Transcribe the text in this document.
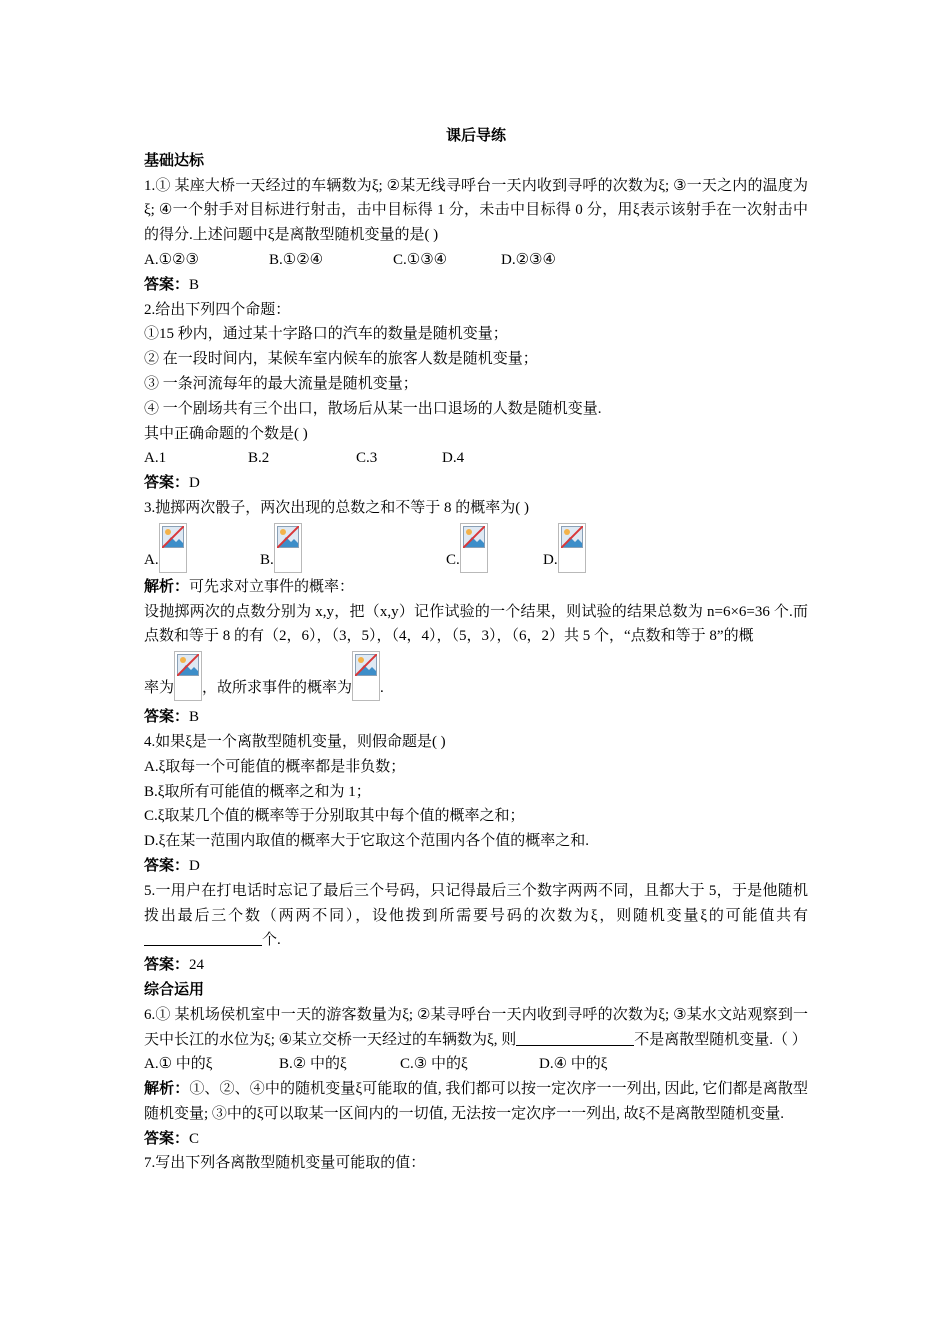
课后导练
基础达标
1.① 某座大桥一天经过的车辆数为ξ; ②某无线寻呼台一天内收到寻呼的次数为ξ; ③一天之内的温度为ξ; ④一个射手对目标进行射击，击中目标得 1 分，未击中目标得 0 分，用ξ表示该射手在一次射击中的得分.上述问题中ξ是离散型随机变量的是( )
A.①②③	B.①②④	C.①③④	D.②③④
答案：B
2.给出下列四个命题：
①15 秒内，通过某十字路口的汽车的数量是随机变量；
② 在一段时间内，某候车室内候车的旅客人数是随机变量；
③ 一条河流每年的最大流量是随机变量；
④ 一个剧场共有三个出口，散场后从某一出口退场的人数是随机变量.
其中正确命题的个数是( )
A.1	B.2	C.3	D.4
答案：D
3.抛掷两次骰子，两次出现的总数之和不等于 8 的概率为( )
A.	B.	C.	D.
解析：可先求对立事件的概率：
设抛掷两次的点数分别为 x,y，把（x,y）记作试验的一个结果，则试验的结果总数为 n=6×6=36 个.而点数和等于 8 的有（2，6），（3，5），（4，4），（5，3），（6，2）共 5 个，“点数和等于 8”的概
率为 ，故所求事件的概率为 .
答案：B
4.如果ξ是一个离散型随机变量，则假命题是( )
A.ξ取每一个可能值的概率都是非负数；
B.ξ取所有可能值的概率之和为 1；
C.ξ取某几个值的概率等于分别取其中每个值的概率之和；
D.ξ在某一范围内取值的概率大于它取这个范围内各个值的概率之和.
答案：D
5.一用户在打电话时忘记了最后三个号码，只记得最后三个数字两两不同，且都大于 5，于是他随机拨出最后三个数（两两不同），设他拨到所需要号码的次数为ξ，则随机变量ξ的可能值共有个.
答案：24
综合运用
6.① 某机场侯机室中一天的游客数量为ξ; ②某寻呼台一天内收到寻呼的次数为ξ; ③某水文站观察到一天中长江的水位为ξ; ④某立交桥一天经过的车辆数为ξ, 则	不是离散型随机变量.（ ）
A.① 中的ξ	B.② 中的ξ	C.③ 中的ξ	D.④ 中的ξ
解析：①、②、④中的随机变量ξ可能取的值, 我们都可以按一定次序一一列出, 因此, 它们都是离散型随机变量; ③中的ξ可以取某一区间内的一切值, 无法按一定次序一一列出, 故ξ不是离散型随机变量.
答案：C
7.写出下列各离散型随机变量可能取的值：
